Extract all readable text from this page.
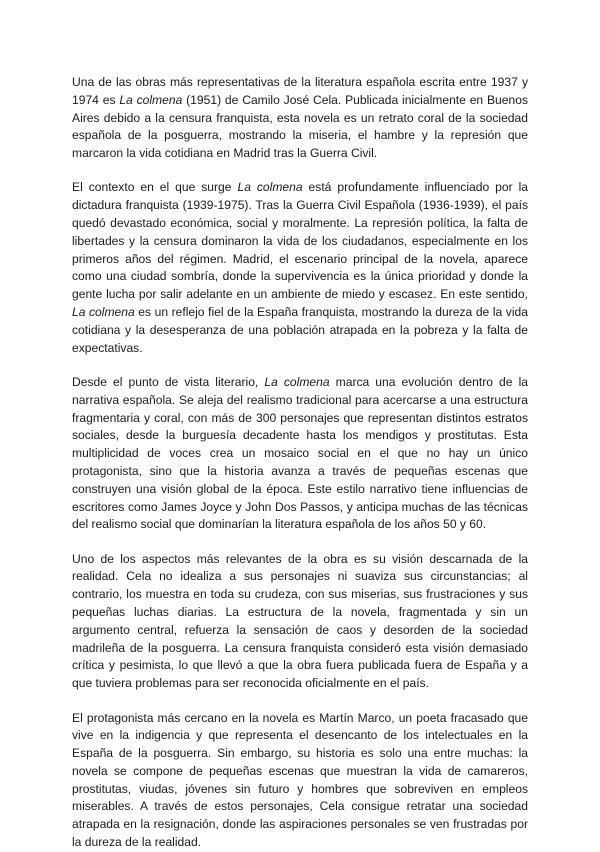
Una de las obras más representativas de la literatura española escrita entre 1937 y 1974 es La colmena (1951) de Camilo José Cela. Publicada inicialmente en Buenos Aires debido a la censura franquista, esta novela es un retrato coral de la sociedad española de la posguerra, mostrando la miseria, el hambre y la represión que marcaron la vida cotidiana en Madrid tras la Guerra Civil.

El contexto en el que surge La colmena está profundamente influenciado por la dictadura franquista (1939-1975). Tras la Guerra Civil Española (1936-1939), el país quedó devastado económica, social y moralmente. La represión política, la falta de libertades y la censura dominaron la vida de los ciudadanos, especialmente en los primeros años del régimen. Madrid, el escenario principal de la novela, aparece como una ciudad sombría, donde la supervivencia es la única prioridad y donde la gente lucha por salir adelante en un ambiente de miedo y escasez. En este sentido, La colmena es un reflejo fiel de la España franquista, mostrando la dureza de la vida cotidiana y la desesperanza de una población atrapada en la pobreza y la falta de expectativas.

Desde el punto de vista literario, La colmena marca una evolución dentro de la narrativa española. Se aleja del realismo tradicional para acercarse a una estructura fragmentaria y coral, con más de 300 personajes que representan distintos estratos sociales, desde la burguesía decadente hasta los mendigos y prostitutas. Esta multiplicidad de voces crea un mosaico social en el que no hay un único protagonista, sino que la historia avanza a través de pequeñas escenas que construyen una visión global de la época. Este estilo narrativo tiene influencias de escritores como James Joyce y John Dos Passos, y anticipa muchas de las técnicas del realismo social que dominarían la literatura española de los años 50 y 60.

Uno de los aspectos más relevantes de la obra es su visión descarnada de la realidad. Cela no idealiza a sus personajes ni suaviza sus circunstancias; al contrario, los muestra en toda su crudeza, con sus miserias, sus frustraciones y sus pequeñas luchas diarias. La estructura de la novela, fragmentada y sin un argumento central, refuerza la sensación de caos y desorden de la sociedad madrileña de la posguerra. La censura franquista consideró esta visión demasiado crítica y pesimista, lo que llevó a que la obra fuera publicada fuera de España y a que tuviera problemas para ser reconocida oficialmente en el país.

El protagonista más cercano en la novela es Martín Marco, un poeta fracasado que vive en la indigencia y que representa el desencanto de los intelectuales en la España de la posguerra. Sin embargo, su historia es solo una entre muchas: la novela se compone de pequeñas escenas que muestran la vida de camareros, prostitutas, viudas, jóvenes sin futuro y hombres que sobreviven en empleos miserables. A través de estos personajes, Cela consigue retratar una sociedad atrapada en la resignación, donde las aspiraciones personales se ven frustradas por la dureza de la realidad.
